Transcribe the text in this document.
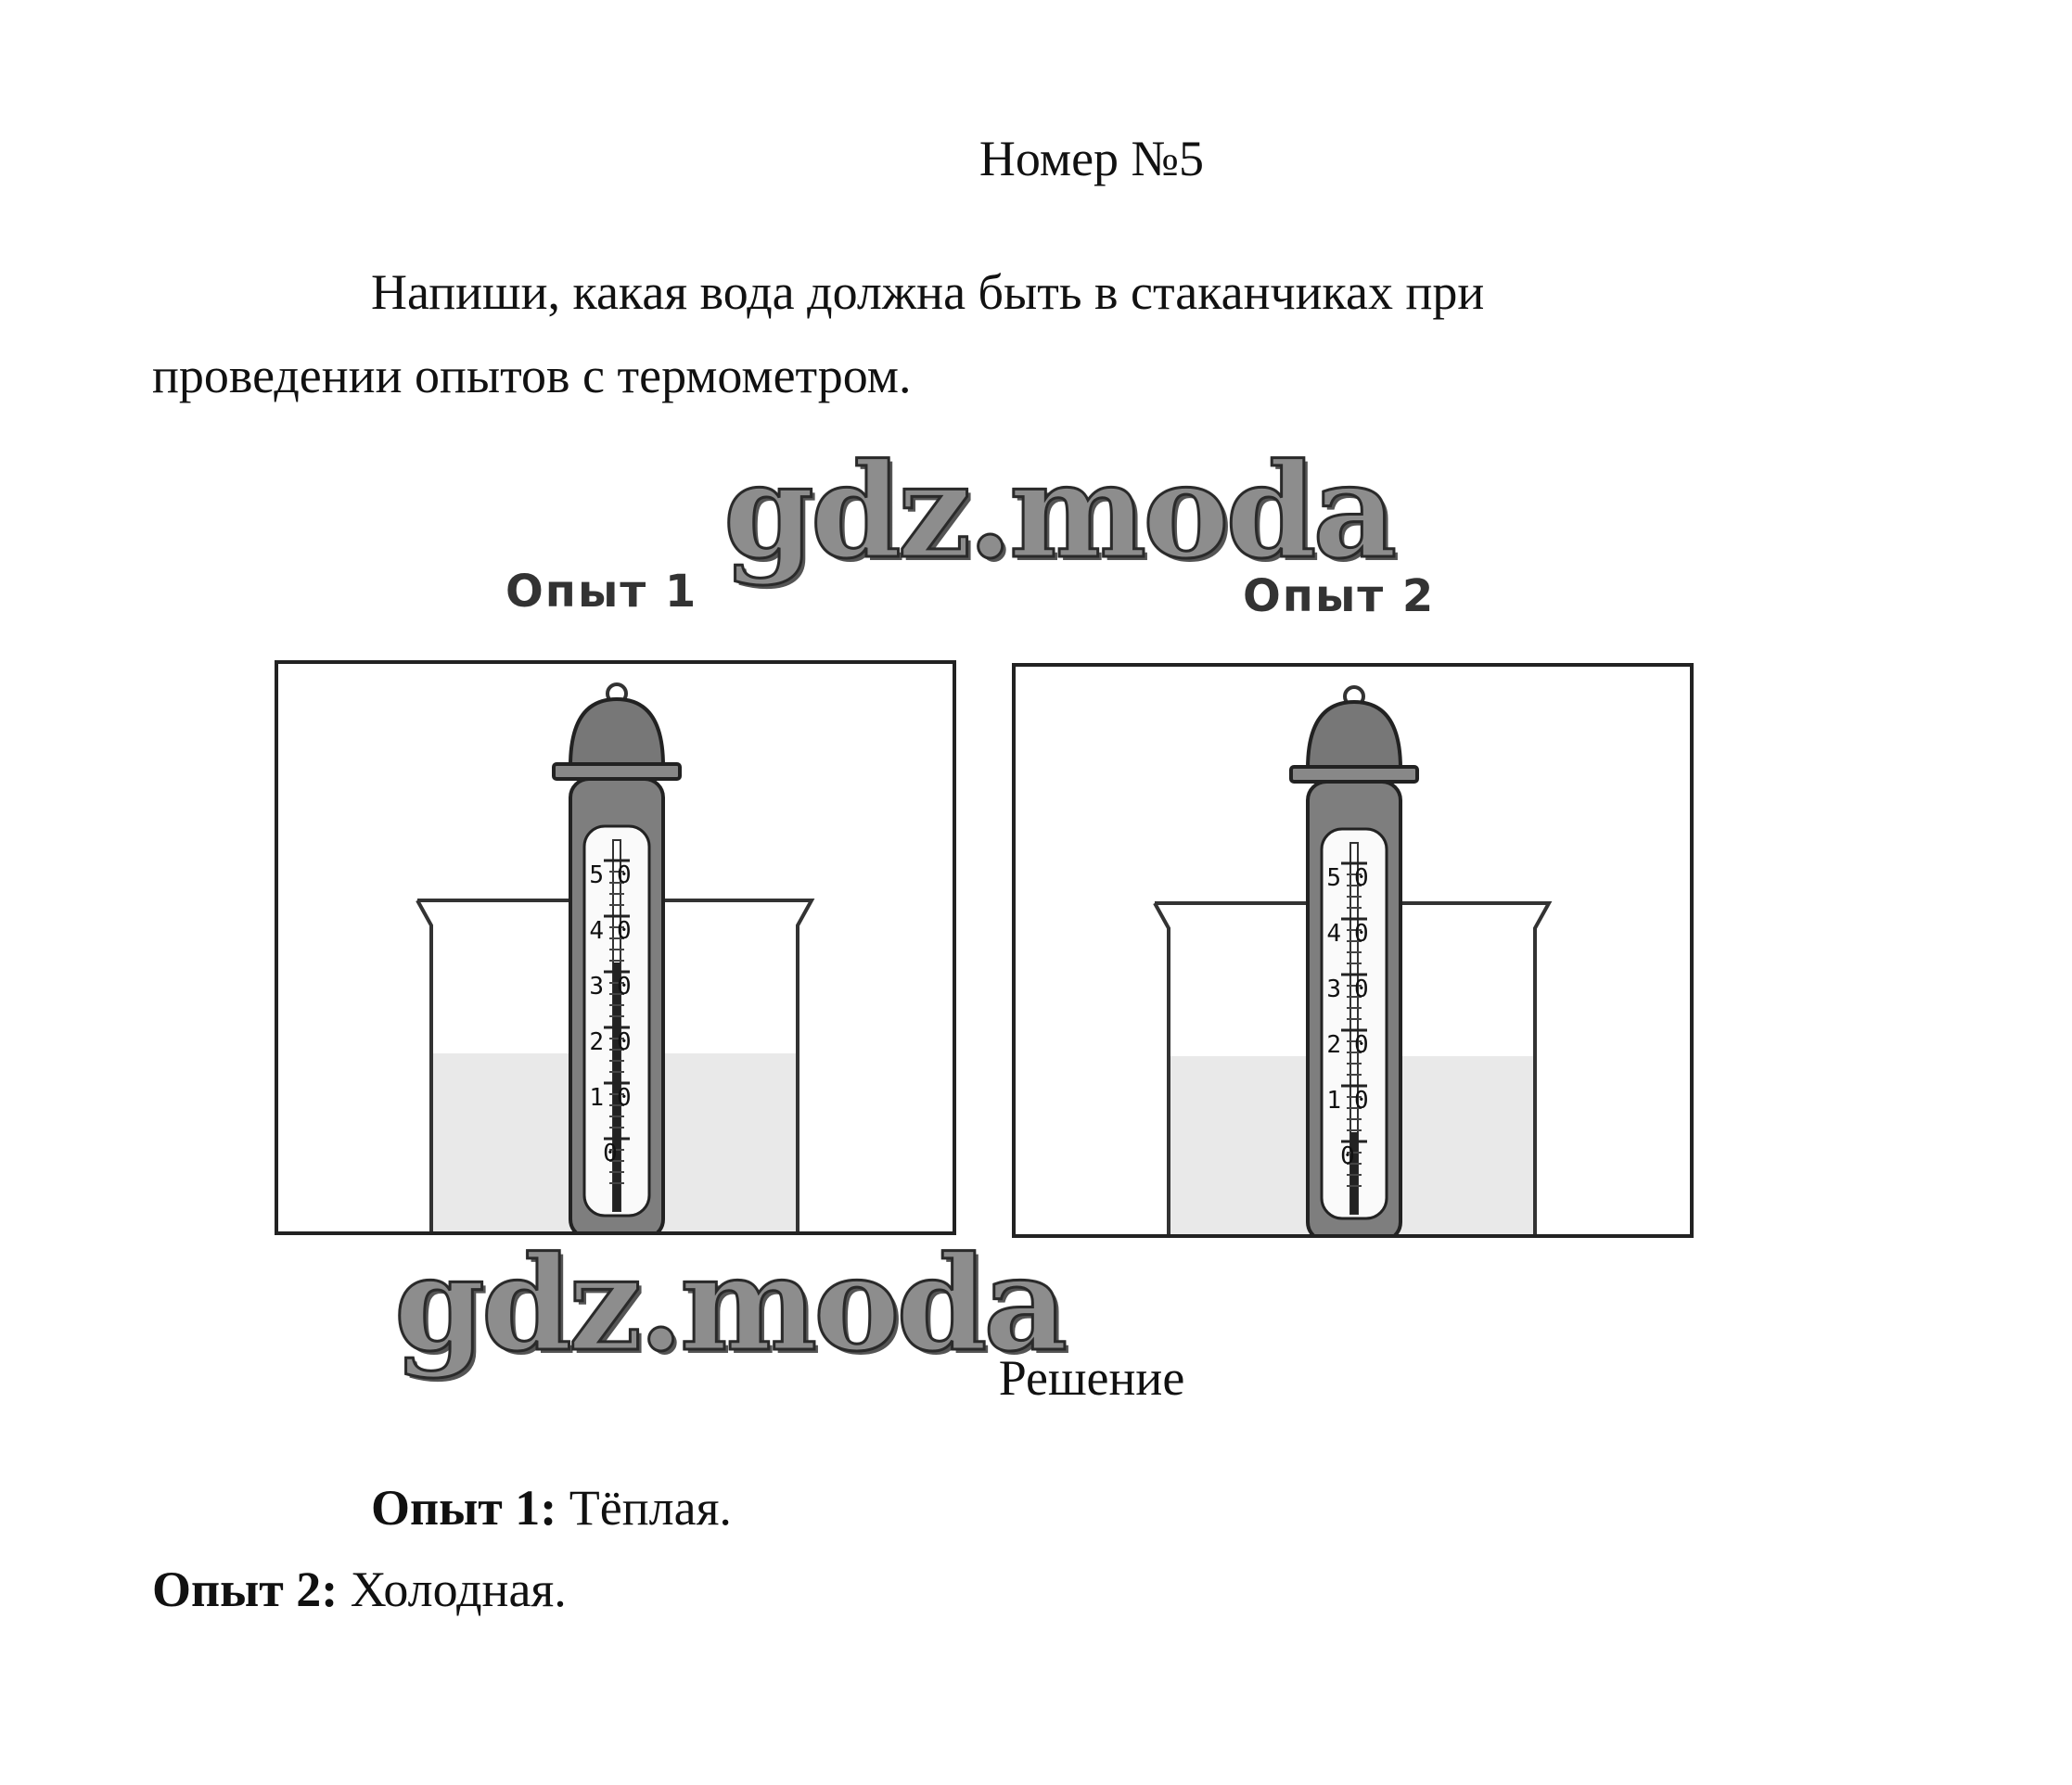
Номер №5
Напиши, какая вода должна быть в стаканчиках при
проведении опытов с термометром.
gdz.moda
Опыт 1	Опыт 2
50
40
30
20
10
0
50
40
30
20
10
0
gdz.moda
Решение
Опыт 1: Тёплая.
Опыт 2: Холодная.
